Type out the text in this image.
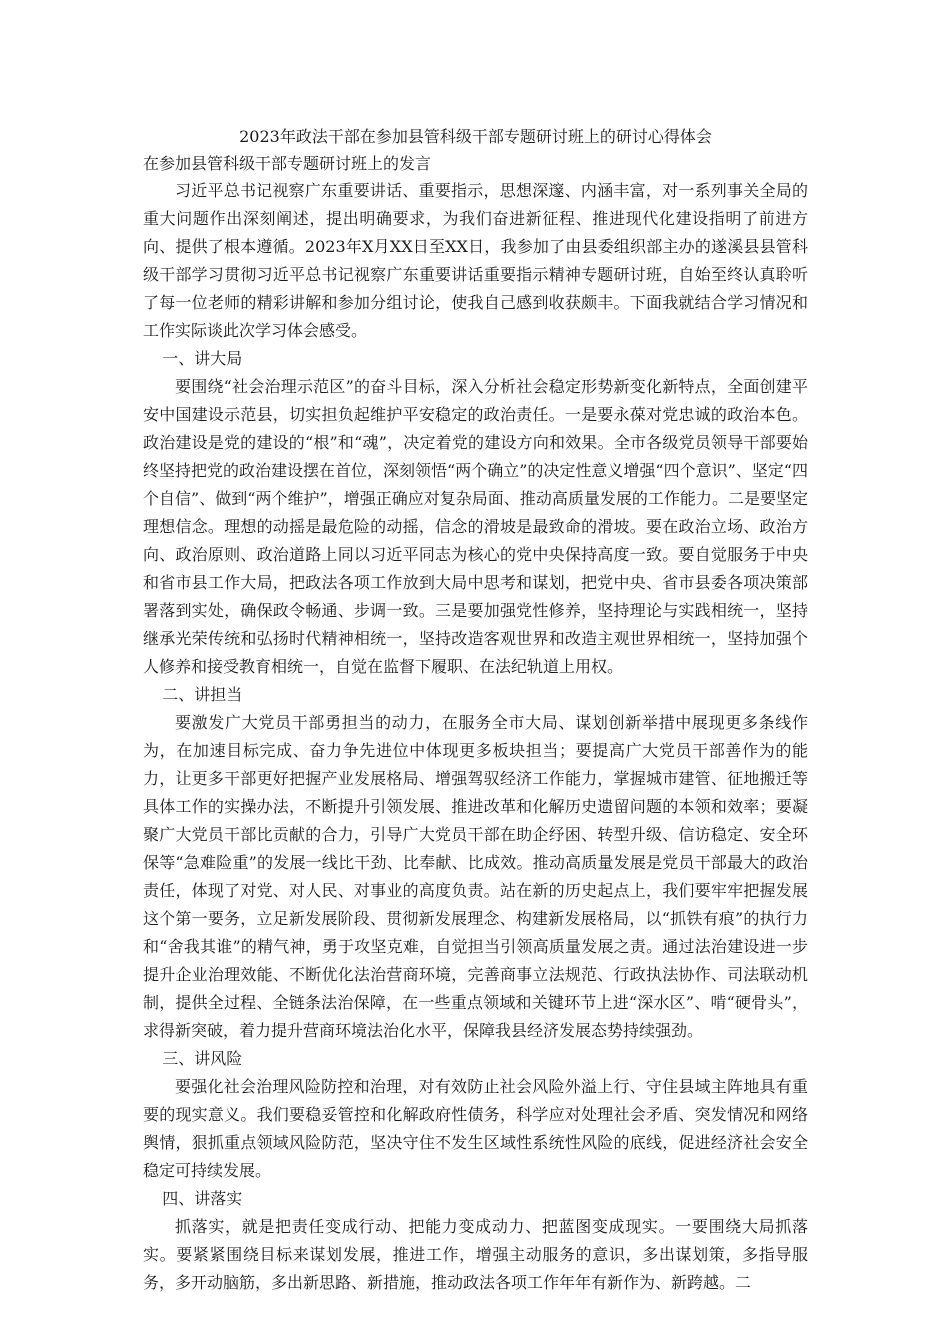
2023年政法干部在参加县管科级干部专题研讨班上的研讨心得体会

在参加县管科级干部专题研讨班上的发言

习近平总书记视察广东重要讲话、重要指示，思想深邃、内涵丰富，对一系列事关全局的重大问题作出深刻阐述，提出明确要求，为我们奋进新征程、推进现代化建设指明了前进方向、提供了根本遵循。2023年X月XX日至XX日，我参加了由县委组织部主办的遂溪县县管科级干部学习贯彻习近平总书记视察广东重要讲话重要指示精神专题研讨班，自始至终认真聆听了每一位老师的精彩讲解和参加分组讨论，使我自己感到收获颇丰。下面我就结合学习情况和工作实际谈此次学习体会感受。

一、讲大局

要围绕“社会治理示范区”的奋斗目标，深入分析社会稳定形势新变化新特点，全面创建平安中国建设示范县，切实担负起维护平安稳定的政治责任。一是要永葆对党忠诚的政治本色。政治建设是党的建设的“根”和“魂”，决定着党的建设方向和效果。全市各级党员领导干部要始终坚持把党的政治建设摆在首位，深刻领悟“两个确立”的决定性意义增强“四个意识”、坚定“四个自信”、做到“两个维护”，增强正确应对复杂局面、推动高质量发展的工作能力。二是要坚定理想信念。理想的动摇是最危险的动摇，信念的滑坡是最致命的滑坡。要在政治立场、政治方向、政治原则、政治道路上同以习近平同志为核心的党中央保持高度一致。要自觉服务于中央和省市县工作大局，把政法各项工作放到大局中思考和谋划，把党中央、省市县委各项决策部署落到实处，确保政令畅通、步调一致。三是要加强党性修养，坚持理论与实践相统一，坚持继承光荣传统和弘扬时代精神相统一，坚持改造客观世界和改造主观世界相统一，坚持加强个人修养和接受教育相统一，自觉在监督下履职、在法纪轨道上用权。

二、讲担当

要激发广大党员干部勇担当的动力，在服务全市大局、谋划创新举措中展现更多条线作为，在加速目标完成、奋力争先进位中体现更多板块担当；要提高广大党员干部善作为的能力，让更多干部更好把握产业发展格局、增强驾驭经济工作能力，掌握城市建管、征地搬迁等具体工作的实操办法，不断提升引领发展、推进改革和化解历史遗留问题的本领和效率；要凝聚广大党员干部比贡献的合力，引导广大党员干部在助企纾困、转型升级、信访稳定、安全环保等“急难险重”的发展一线比干劲、比奉献、比成效。推动高质量发展是党员干部最大的政治责任，体现了对党、对人民、对事业的高度负责。站在新的历史起点上，我们要牢牢把握发展这个第一要务，立足新发展阶段、贯彻新发展理念、构建新发展格局，以“抓铁有痕”的执行力和“舍我其谁”的精气神，勇于攻坚克难，自觉担当引领高质量发展之责。通过法治建设进一步提升企业治理效能、不断优化法治营商环境，完善商事立法规范、行政执法协作、司法联动机制，提供全过程、全链条法治保障，在一些重点领域和关键环节上进“深水区”、啃“硬骨头”，求得新突破，着力提升营商环境法治化水平，保障我县经济发展态势持续强劲。

三、讲风险

要强化社会治理风险防控和治理，对有效防止社会风险外溢上行、守住县域主阵地具有重要的现实意义。我们要稳妥管控和化解政府性债务，科学应对处理社会矛盾、突发情况和网络舆情，狠抓重点领域风险防范，坚决守住不发生区域性系统性风险的底线，促进经济社会安全稳定可持续发展。

四、讲落实

抓落实，就是把责任变成行动、把能力变成动力、把蓝图变成现实。一要围绕大局抓落实。要紧紧围绕目标来谋划发展，推进工作，增强主动服务的意识，多出谋划策，多指导服务，多开动脑筋，多出新思路、新措施，推动政法各项工作年年有新作为、新跨越。二
